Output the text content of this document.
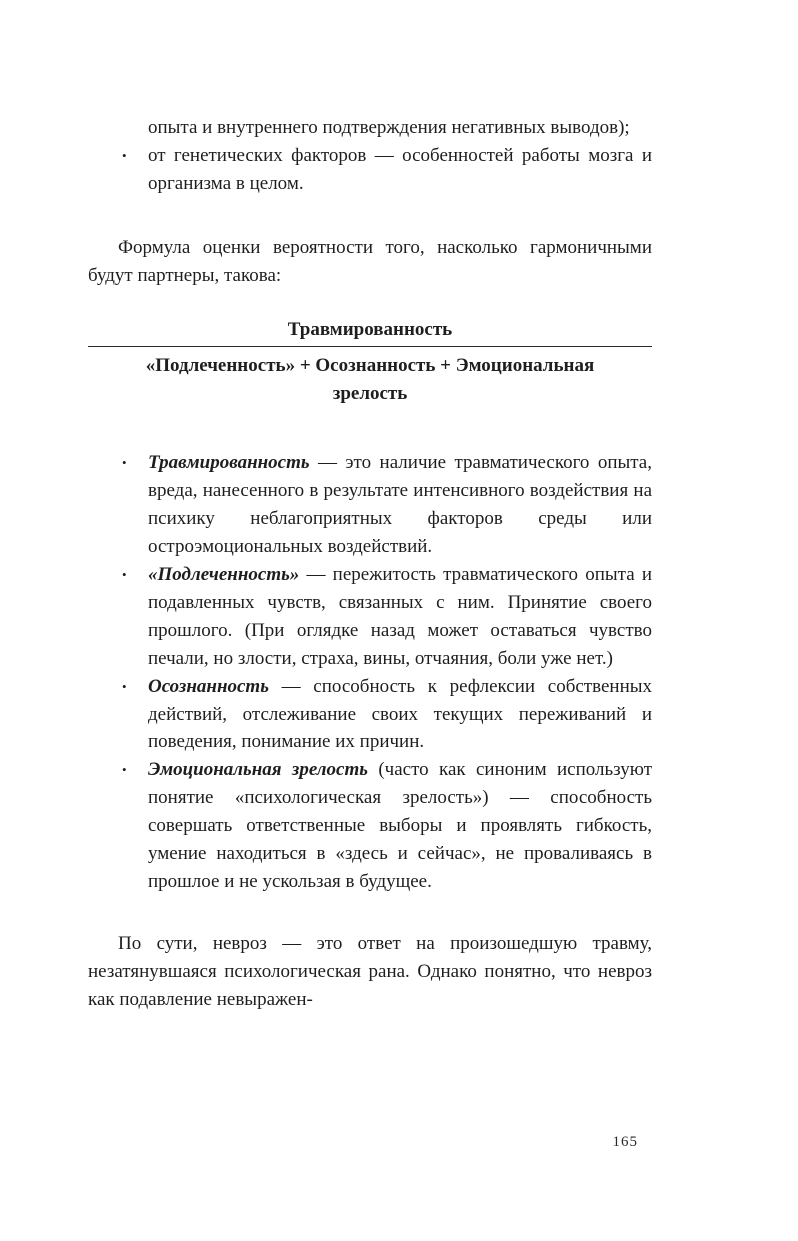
опыта и внутреннего подтверждения негативных выводов);
•	от генетических факторов — особенностей работы мозга и организма в целом.

Формула оценки вероятности того, насколько гармоничными будут партнеры, такова:

Травмированность
«Подлеченность» + Осознанность + Эмоциональная зрелость
•	Травмированность — это наличие травматического опыта, вреда, нанесенного в результате интенсивного воздействия на психику неблагоприятных факторов среды или остроэмоциональных воздействий.
•	«Подлеченность» — пережитость травматического опыта и подавленных чувств, связанных с ним. Принятие своего прошлого. (При оглядке назад может оставаться чувство печали, но злости, страха, вины, отчаяния, боли уже нет.)
•	Осознанность — способность к рефлексии собственных действий, отслеживание своих текущих переживаний и поведения, понимание их причин.
•	Эмоциональная зрелость (часто как синоним используют понятие «психологическая зрелость») — способность совершать ответственные выборы и проявлять гибкость, умение находиться в «здесь и сейчас», не проваливаясь в прошлое и не ускользая в будущее.

По сути, невроз — это ответ на произошедшую травму, незатянувшаяся психологическая рана. Однако понятно, что невроз как подавление невыражен-

165
